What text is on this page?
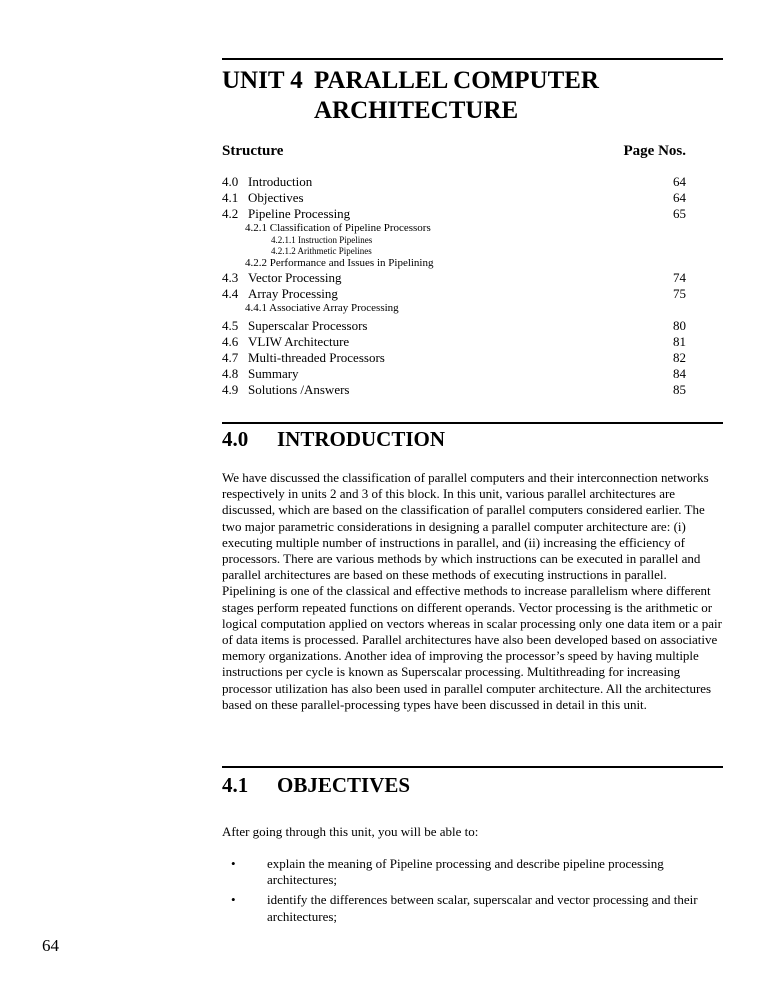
UNIT 4 PARALLEL COMPUTER
ARCHITECTURE
Structure	Page Nos.
4.0 Introduction	64
4.1 Objectives	64
4.2 Pipeline Processing	65
4.2.1 Classification of Pipeline Processors
4.2.1.1 Instruction Pipelines
4.2.1.2 Arithmetic Pipelines
4.2.2 Performance and Issues in Pipelining
4.3 Vector Processing	74
4.4 Array Processing	75
4.4.1 Associative Array Processing
4.5 Superscalar Processors	80
4.6 VLIW Architecture	81
4.7 Multi-threaded Processors	82
4.8 Summary	84
4.9 Solutions /Answers	85
4.0 INTRODUCTION

We have discussed the classification of parallel computers and their interconnection networks respectively in units 2 and 3 of this block. In this unit, various parallel architectures are discussed, which are based on the classification of parallel computers considered earlier. The two major parametric considerations in designing a parallel computer architecture are: (i) executing multiple number of instructions in parallel, and (ii) increasing the efficiency of processors. There are various methods by which instructions can be executed in parallel and parallel architectures are based on these methods of executing instructions in parallel. Pipelining is one of the classical and effective methods to increase parallelism where different stages perform repeated functions on different operands. Vector processing is the arithmetic or logical computation applied on vectors whereas in scalar processing only one data item or a pair of data items is processed. Parallel architectures have also been developed based on associative memory organizations. Another idea of improving the processor’s speed by having multiple instructions per cycle is known as Superscalar processing. Multithreading for increasing processor utilization has also been used in parallel computer architecture. All the architectures based on these parallel-processing types have been discussed in detail in this unit.

4.1 OBJECTIVES

After going through this unit, you will be able to:

• explain the meaning of Pipeline processing and describe pipeline processing architectures;
• identify the differences between scalar, superscalar and vector processing and their architectures;
64
